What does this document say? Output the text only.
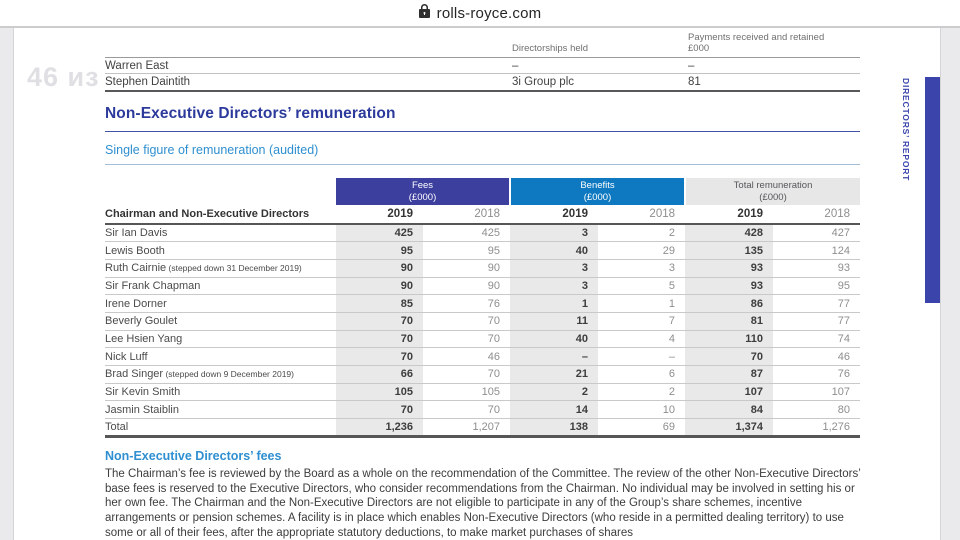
rolls-royce.com
46 из
	Directorships held	Payments received and retained
£000

Warren East	–	–
Stephen Daintith	3i Group plc	81
Non-Executive Directors’ remuneration
Single figure of remuneration (audited)

Fees
(£000)

Benefits
(£000)

Total remuneration
(£000)

Chairman and Non-Executive Directors	2019	2018	2019	2018	2019	2018
Sir Ian Davis	425	425	3	2	428	427
Lewis Booth	95	95	40	29	135	124
Ruth Cairnie (stepped down 31 December 2019)	90	90	3	3	93	93
Sir Frank Chapman	90	90	3	5	93	95
Irene Dorner	85	76	1	1	86	77
Beverly Goulet	70	70	11	7	81	77
Lee Hsien Yang	70	70	40	4	110	74
Nick Luff	70	46	–	–	70	46
Brad Singer (stepped down 9 December 2019)	66	70	21	6	87	76
Sir Kevin Smith	105	105	2	2	107	107
Jasmin Staiblin	70	70	14	10	84	80
Total	1,236	1,207	138	69	1,374	1,276
Non-Executive Directors’ fees
The Chairman’s fee is reviewed by the Board as a whole on the recommendation of the Committee. The review of the other Non-Executive Directors’ base fees is reserved to the Executive Directors, who consider recommendations from the Chairman. No individual may be involved in setting his or her own fee. The Chairman and the Non-Executive Directors are not eligible to participate in any of the Group’s share schemes, incentive arrangements or pension schemes. A facility is in place which enables Non-Executive Directors (who reside in a permitted dealing territory) to use some or all of their fees, after the appropriate statutory deductions, to make market purchases of shares
DIRECTORS’ REPORT
